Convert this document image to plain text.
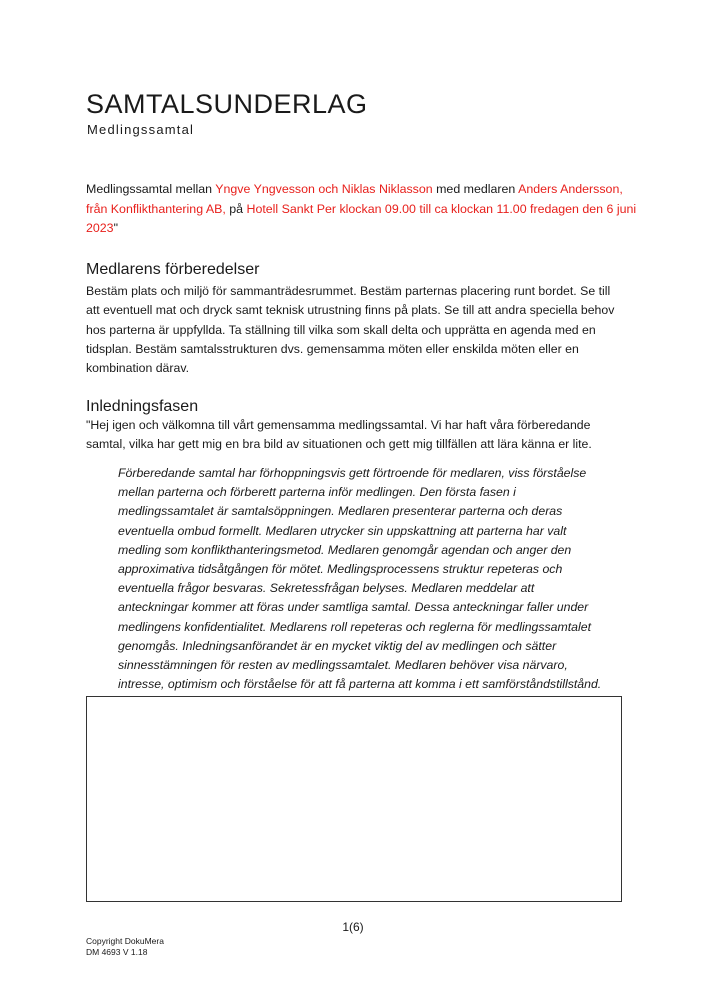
SAMTALSUNDERLAG

Medlingssamtal

Medlingssamtal mellan Yngve Yngvesson och Niklas Niklasson med medlaren Anders Andersson, från Konflikthantering AB, på Hotell Sankt Per klockan 09.00 till ca klockan 11.00 fredagen den 6 juni 2023"

Medlarens förberedelser

Bestäm plats och miljö för sammanträdesrummet. Bestäm parternas placering runt bordet. Se till att eventuell mat och dryck samt teknisk utrustning finns på plats. Se till att andra speciella behov hos parterna är uppfyllda. Ta ställning till vilka som skall delta och upprätta en agenda med en tidsplan. Bestäm samtalsstrukturen dvs. gemensamma möten eller enskilda möten eller en kombination därav.

Inledningsfasen

"Hej igen och välkomna till vårt gemensamma medlingssamtal. Vi har haft våra förberedande samtal, vilka har gett mig en bra bild av situationen och gett mig tillfällen att lära känna er lite.

Förberedande samtal har förhoppningsvis gett förtroende för medlaren, viss förståelse mellan parterna och förberett parterna inför medlingen. Den första fasen i medlingssamtalet är samtalsöppningen. Medlaren presenterar parterna och deras eventuella ombud formellt. Medlaren utrycker sin uppskattning att parterna har valt medling som konflikthanteringsmetod. Medlaren genomgår agendan och anger den approximativa tidsåtgången för mötet. Medlingsprocessens struktur repeteras och eventuella frågor besvaras. Sekretessfrågan belyses. Medlaren meddelar att anteckningar kommer att föras under samtliga samtal. Dessa anteckningar faller under medlingens konfidentialitet. Medlarens roll repeteras och reglerna för medlingssamtalet genomgås. Inledningsanförandet är en mycket viktig del av medlingen och sätter sinnesstämningen för resten av medlingssamtalet. Medlaren behöver visa närvaro, intresse, optimism och förståelse för att få parterna att komma i ett samförståndstillstånd.

1(6)

Copyright DokuMera
DM 4693 V 1.18
